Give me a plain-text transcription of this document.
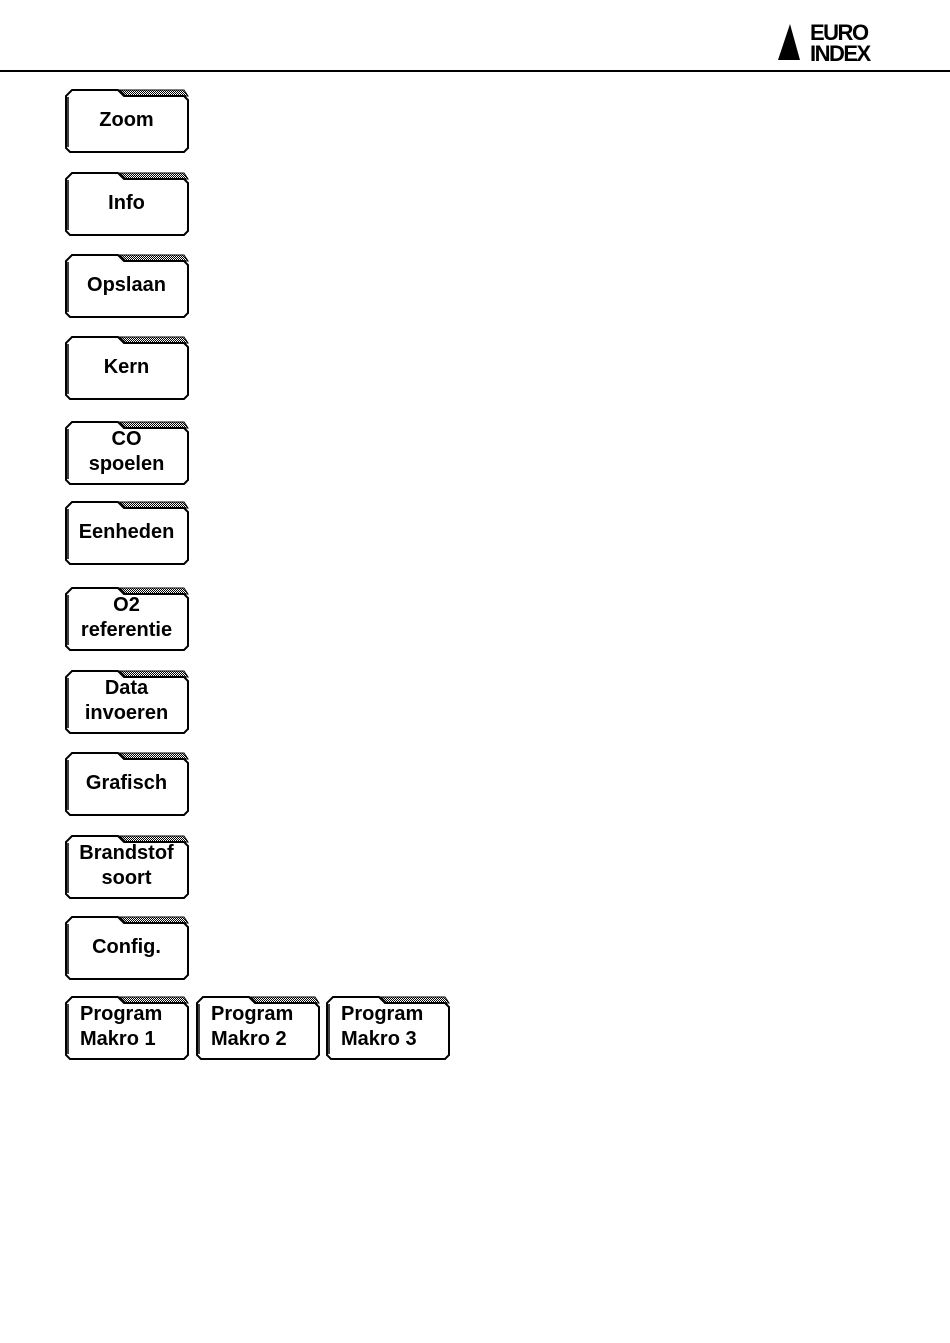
EURO
INDEX
Zoom
Info
Opslaan
Kern
CO
spoelen
Eenheden
O2
referentie
Data
invoeren
Grafisch
Brandstof
soort
Config.
Program
Makro 1
Program
Makro 2
Program
Makro 3
